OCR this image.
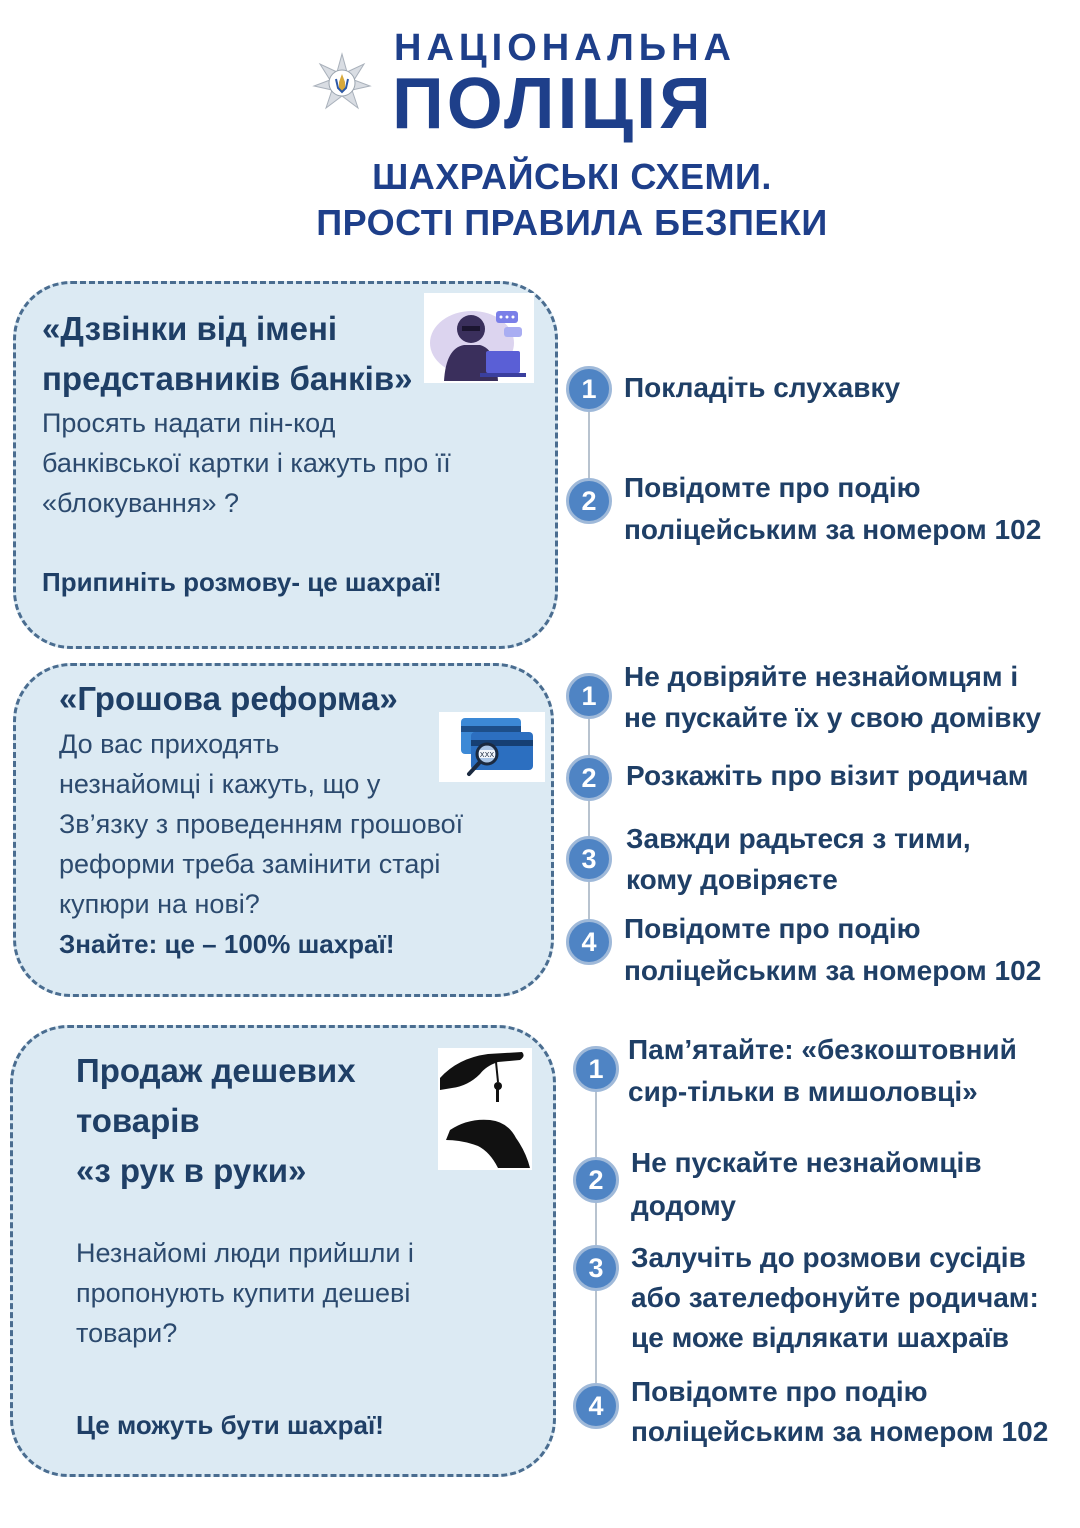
НАЦІОНАЛЬНА
ПОЛІЦІЯ
ШАХРАЙСЬКІ СХЕМИ.
ПРОСТІ ПРАВИЛА БЕЗПЕКИ
«Дзвінки від імені
представників банків»
Просять надати пін-код
банківської картки і кажуть про її
«блокування» ?
Припиніть розмову- це шахраї!
1 Покладіть слухавку
2 Повідомте про подію
поліцейським за номером 102
«Грошова реформа»
XXX
До вас приходять
незнайомці і кажуть, що у
Зв’язку з проведенням грошової
реформи треба замінити старі
купюри на нові?
Знайте: це – 100% шахраї!
1
Не довіряйте незнайомцям і
не пускайте їх у свою домівку
2	Розкажіть про візит родичам
3
Завжди радьтеся з тими,
кому довіряєте
4 Повідомте про подію
поліцейським за номером 102
Продаж дешевих
товарів
«з рук в руки»
Незнайомі люди прийшли і
пропонують купити дешеві
товари?
Це можуть бути шахраї!
1
Пам’ятайте: «безкоштовний
сир-тільки в мишоловці»
2
Не пускайте незнайомців
додому
3 Залучіть до розмови сусідів
або зателефонуйте родичам:
це може відлякати шахраїв
4 Повідомте про подію
поліцейським за номером 102
